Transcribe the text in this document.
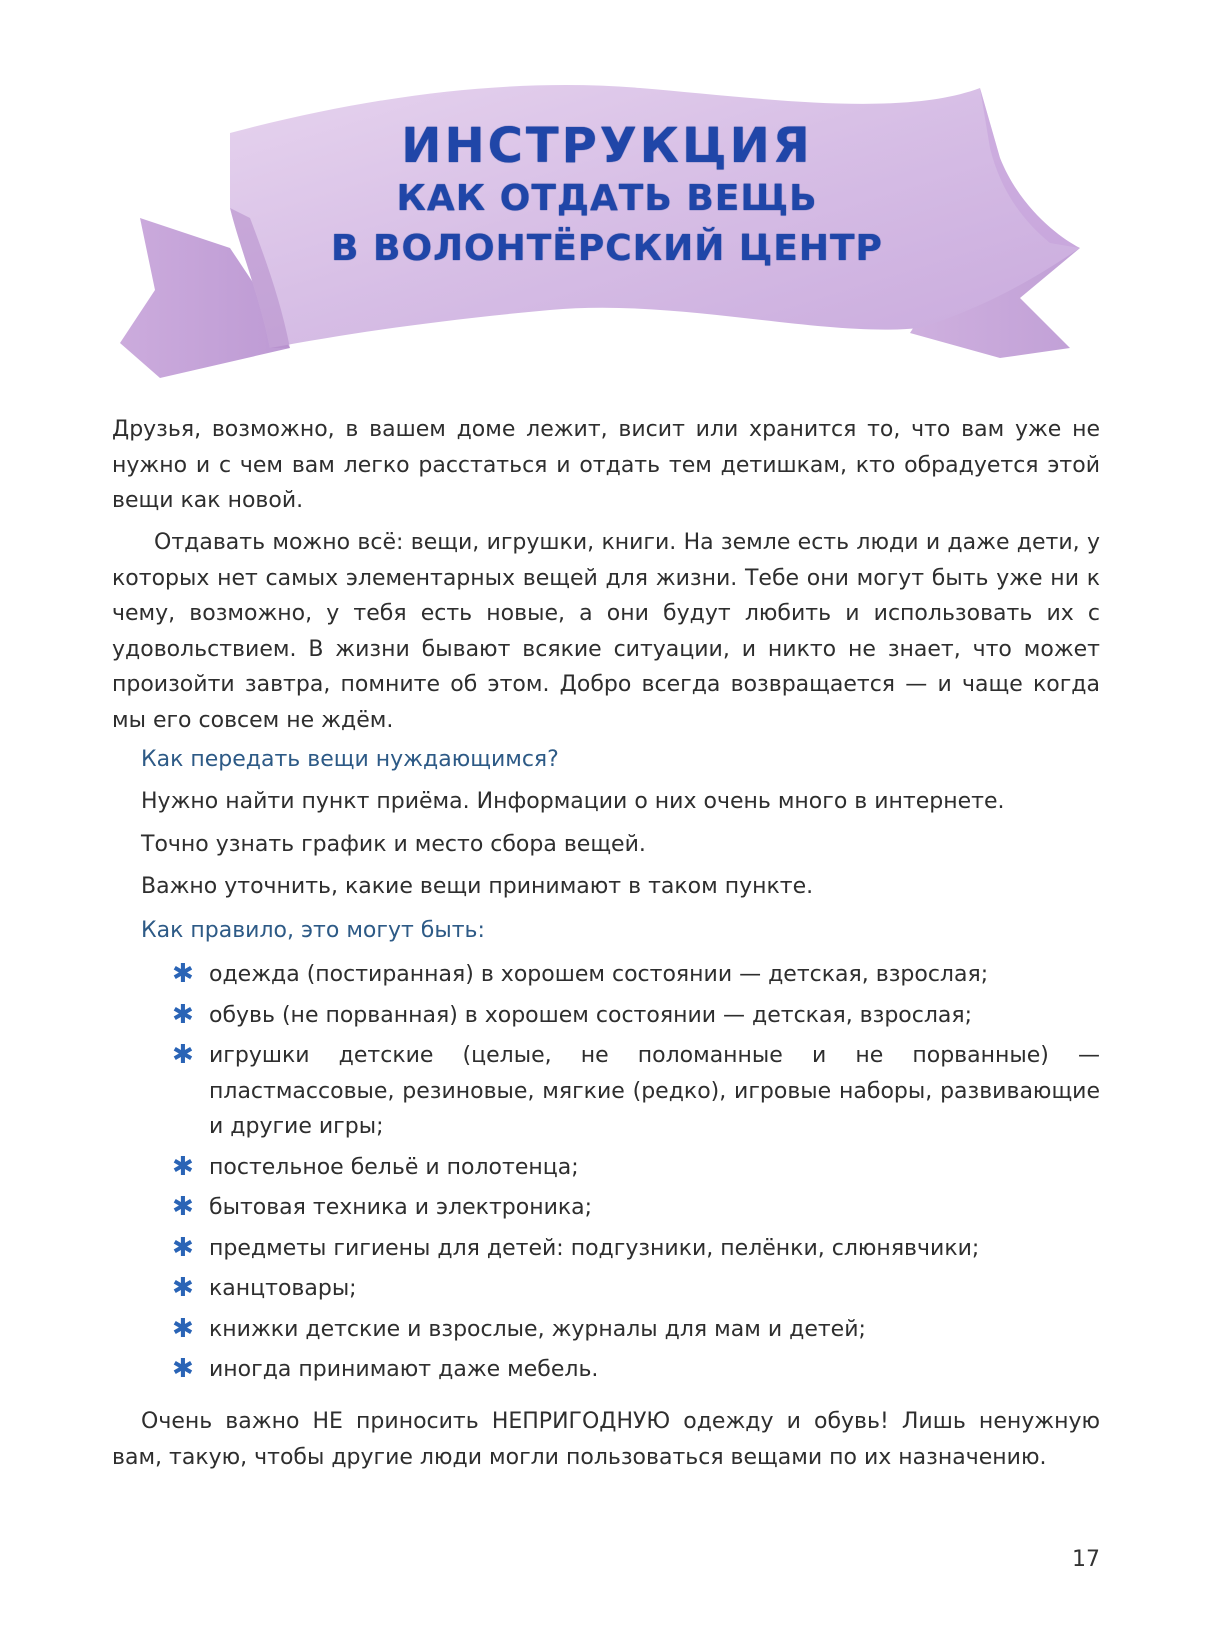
ИНСТРУКЦИЯ
КАК ОТДАТЬ ВЕЩЬ
В ВОЛОНТЁРСКИЙ ЦЕНТР
Друзья, возможно, в вашем доме лежит, висит или хранится то, что вам уже не нужно и с чем вам легко расстаться и отдать тем детишкам, кто обрадуется этой вещи как новой.
Отдавать можно всё: вещи, игрушки, книги. На земле есть люди и даже дети, у которых нет самых элементарных вещей для жизни. Тебе они могут быть уже ни к чему, возможно, у тебя есть новые, а они будут любить и использовать их с удовольствием. В жизни бывают всякие ситуации, и никто не знает, что может произойти завтра, помните об этом. Добро всегда возвращается — и чаще когда мы его совсем не ждём.
Как передать вещи нуждающимся?
Нужно найти пункт приёма. Информации о них очень много в интернете.
Точно узнать график и место сбора вещей.
Важно уточнить, какие вещи принимают в таком пункте.
Как правило, это могут быть:
✱ одежда (постиранная) в хорошем состоянии — детская, взрослая;
✱ обувь (не порванная) в хорошем состоянии — детская, взрослая;
✱ игрушки детские (целые, не поломанные и не порванные) — пластмассовые, резиновые, мягкие (редко), игровые наборы, развивающие и другие игры;
✱ постельное бельё и полотенца;
✱ бытовая техника и электроника;
✱ предметы гигиены для детей: подгузники, пелёнки, слюнявчики;
✱ канцтовары;
✱ книжки детские и взрослые, журналы для мам и детей;
✱ иногда принимают даже мебель.
Очень важно НЕ приносить НЕПРИГОДНУЮ одежду и обувь! Лишь ненужную вам, такую, чтобы другие люди могли пользоваться вещами по их назначению.
17
